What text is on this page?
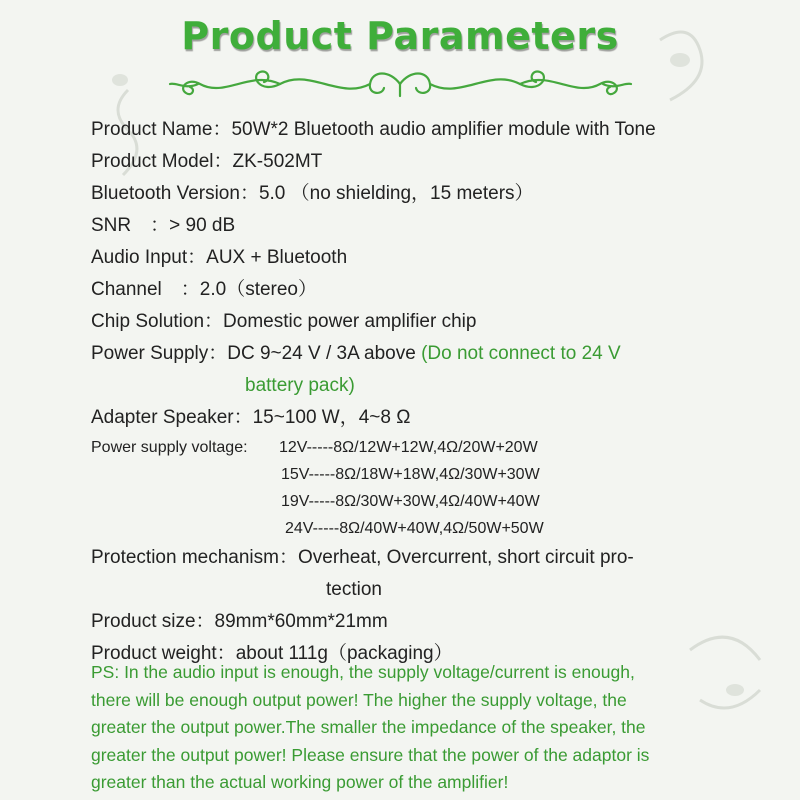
Product Parameters
Product Name：50W*2 Bluetooth audio amplifier module with Tone
Product Model：ZK-502MT
Bluetooth Version：5.0 （no shielding，15 meters）
SNR　：> 90 dB
Audio Input：AUX + Bluetooth
Channel　：2.0（stereo）
Chip Solution：Domestic power amplifier chip
Power Supply：DC 9~24 V / 3A above (Do not connect to 24 V
battery pack)
Adapter Speaker：15~100 W，4~8 Ω
Power supply voltage:	12V-----8Ω/12W+12W,4Ω/20W+20W
15V-----8Ω/18W+18W,4Ω/30W+30W
19V-----8Ω/30W+30W,4Ω/40W+40W
24V-----8Ω/40W+40W,4Ω/50W+50W
Protection mechanism：Overheat, Overcurrent, short circuit pro-
tection
Product size：89mm*60mm*21mm
Product weight：about 111g（packaging）
PS: In the audio input is enough, the supply voltage/current is enough,
there will be enough output power! The higher the supply voltage, the
greater the output power.The smaller the impedance of the speaker, the
greater the output power! Please ensure that the power of the adaptor is
greater than the actual working power of the amplifier!
